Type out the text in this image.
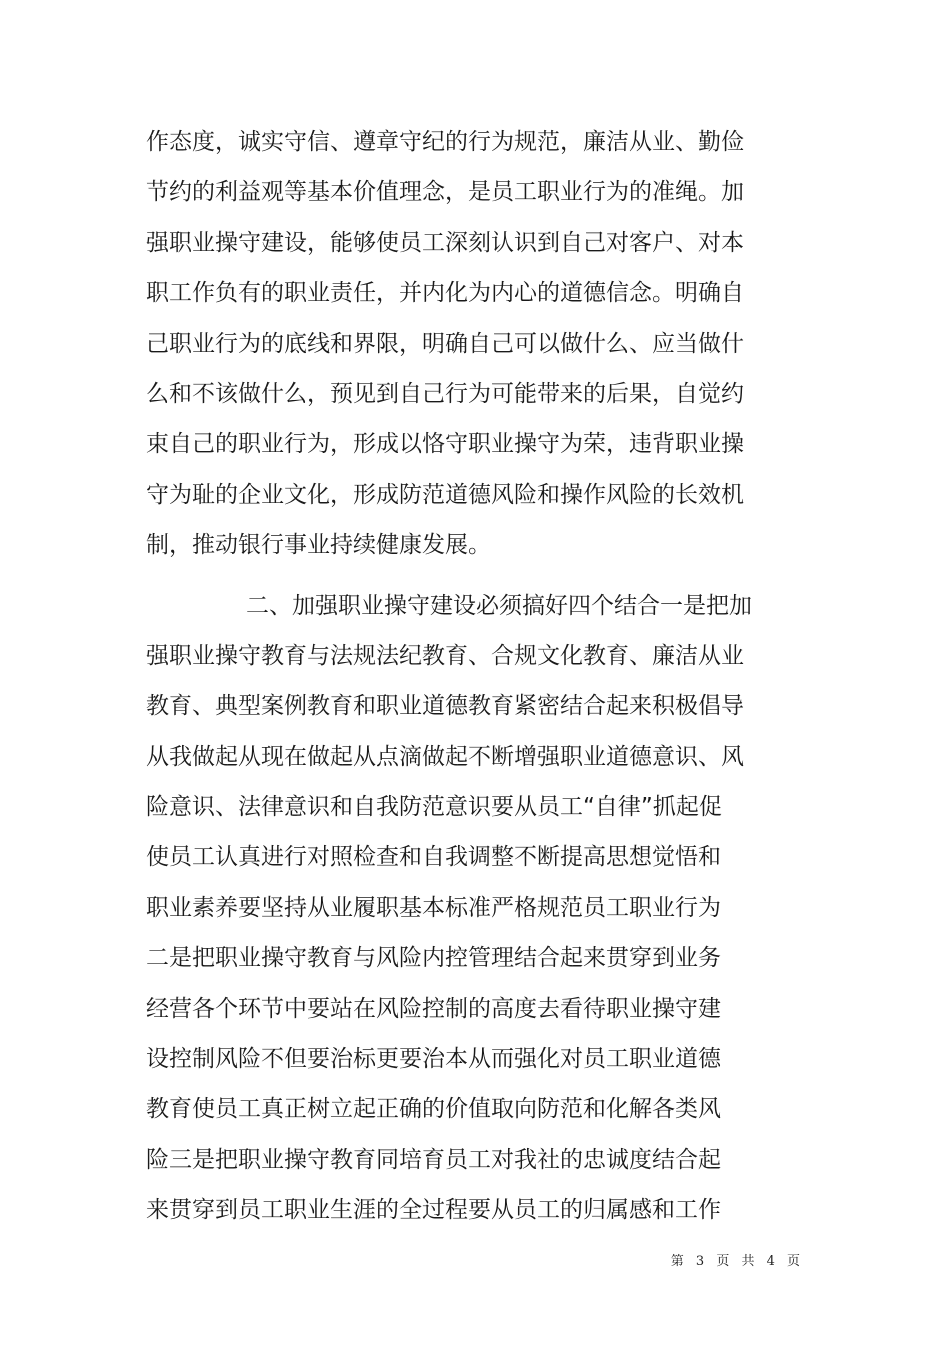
作态度，诚实守信、遵章守纪的行为规范，廉洁从业、勤俭
节约的利益观等基本价值理念，是员工职业行为的准绳。加
强职业操守建设，能够使员工深刻认识到自己对客户、对本
职工作负有的职业责任，并内化为内心的道德信念。明确自
己职业行为的底线和界限，明确自己可以做什么、应当做什
么和不该做什么，预见到自己行为可能带来的后果，自觉约
束自己的职业行为，形成以恪守职业操守为荣，违背职业操
守为耻的企业文化，形成防范道德风险和操作风险的长效机
制，推动银行事业持续健康发展。
二、加强职业操守建设必须搞好四个结合一是把加
强职业操守教育与法规法纪教育、合规文化教育、廉洁从业
教育、典型案例教育和职业道德教育紧密结合起来积极倡导
从我做起从现在做起从点滴做起不断增强职业道德意识、风
险意识、法律意识和自我防范意识要从员工“自律”抓起促
使员工认真进行对照检查和自我调整不断提高思想觉悟和
职业素养要坚持从业履职基本标准严格规范员工职业行为
二是把职业操守教育与风险内控管理结合起来贯穿到业务
经营各个环节中要站在风险控制的高度去看待职业操守建
设控制风险不但要治标更要治本从而强化对员工职业道德
教育使员工真正树立起正确的价值取向防范和化解各类风
险三是把职业操守教育同培育员工对我社的忠诚度结合起
来贯穿到员工职业生涯的全过程要从员工的归属感和工作
第 3 页 共 4 页
